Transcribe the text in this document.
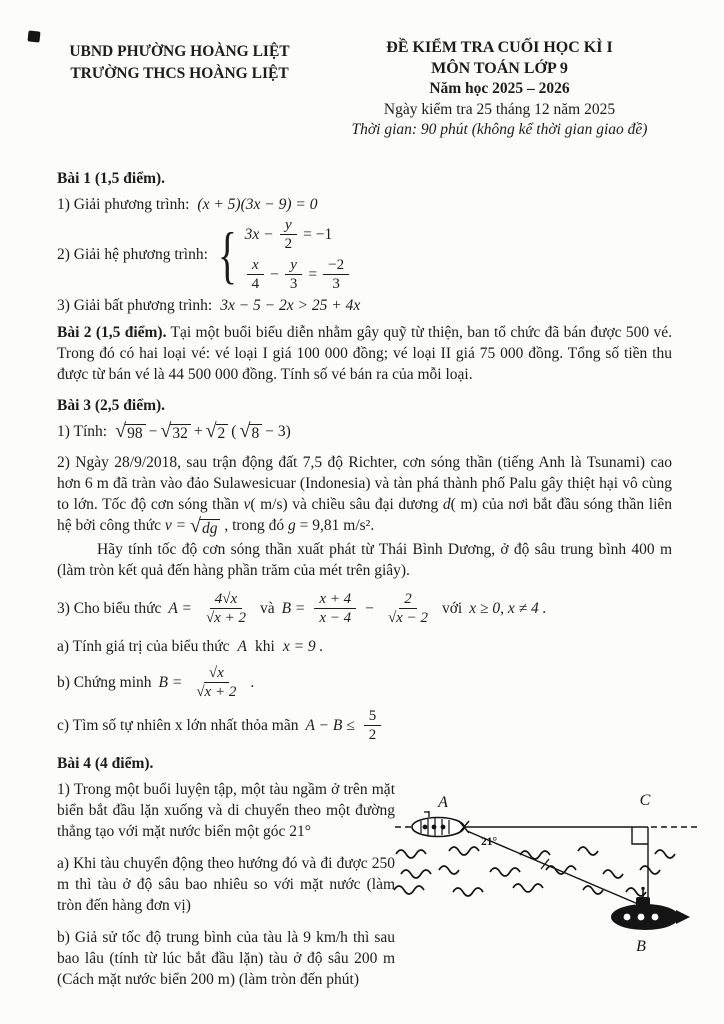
UBND PHƯỜNG HOÀNG LIỆT
TRƯỜNG THCS HOÀNG LIỆT
ĐỀ KIỂM TRA CUỐI HỌC KÌ I
MÔN TOÁN LỚP 9
Năm học 2025 – 2026
Ngày kiểm tra 25 tháng 12 năm 2025
Thời gian: 90 phút (không kể thời gian giao đề)

Bài 1 (1,5 điểm).

1) Giải phương trình: (x + 5)(3x − 9) = 0

2) Giải hệ phương trình: { $3x - \frac{y}{2} = -1$
$\frac{x}{4} - \frac{y}{3} = \frac{-2}{3}$

3) Giải bất phương trình: 3x − 5 − 2x > 25 + 4x

Bài 2 (1,5 điểm). Tại một buổi biểu diễn nhằm gây quỹ từ thiện, ban tổ chức đã bán được 500 vé. Trong đó có hai loại vé: vé loại I giá 100 000 đồng; vé loại II giá 75 000 đồng. Tổng số tiền thu được từ bán vé là 44 500 000 đồng. Tính số vé bán ra của mỗi loại.

Bài 3 (2,5 điểm).

1) Tính: √ 98 − √ 32 + √ 2 ( √ 8 − 3)

2) Ngày 28/9/2018, sau trận động đất 7,5 độ Richter, cơn sóng thần (tiếng Anh là Tsunami) cao hơn 6 m đã tràn vào đảo Sulawesicuar (Indonesia) và tàn phá thành phố Palu gây thiệt hại vô cùng to lớn. Tốc độ cơn sóng thần v( m/s) và chiều sâu đại dương d( m) của nơi bắt đầu sóng thần liên hệ bởi công thức v = √ dg , trong đó g = 9,81 m/s².

Hãy tính tốc độ cơn sóng thần xuất phát từ Thái Bình Dương, ở độ sâu trung bình 400 m (làm tròn kết quả đến hàng phần trăm của mét trên giây).

3) Cho biểu thức $A = \frac{4√x}{√x + 2}$ và $B = \frac{x + 4}{x - 4} - \frac{2}{√x - 2}$ với x ≥ 0, x ≠ 4 .

a) Tính giá trị của biểu thức A khi x = 9 .

b) Chứng minh $B = \frac{√x}{√x + 2}$ .
c) Tìm số tự nhiên x lớn nhất thỏa mãn $A - B \le \frac{5}{2}$

Bài 4 (4 điểm).

1) Trong một buổi luyện tập, một tàu ngầm ở trên mặt biển bắt đầu lặn xuống và di chuyển theo một đường thẳng tạo với mặt nước biển một góc 21°

a) Khi tàu chuyển động theo hướng đó và đi được 250 m thì tàu ở độ sâu bao nhiêu so với mặt nước (làm tròn đến hàng đơn vị)

b) Giả sử tốc độ trung bình của tàu là 9 km/h thì sau bao lâu (tính từ lúc bắt đầu lặn) tàu ở độ sâu 200 m (Cách mặt nước biển 200 m) (làm tròn đến phút)

A	C
B
21°
